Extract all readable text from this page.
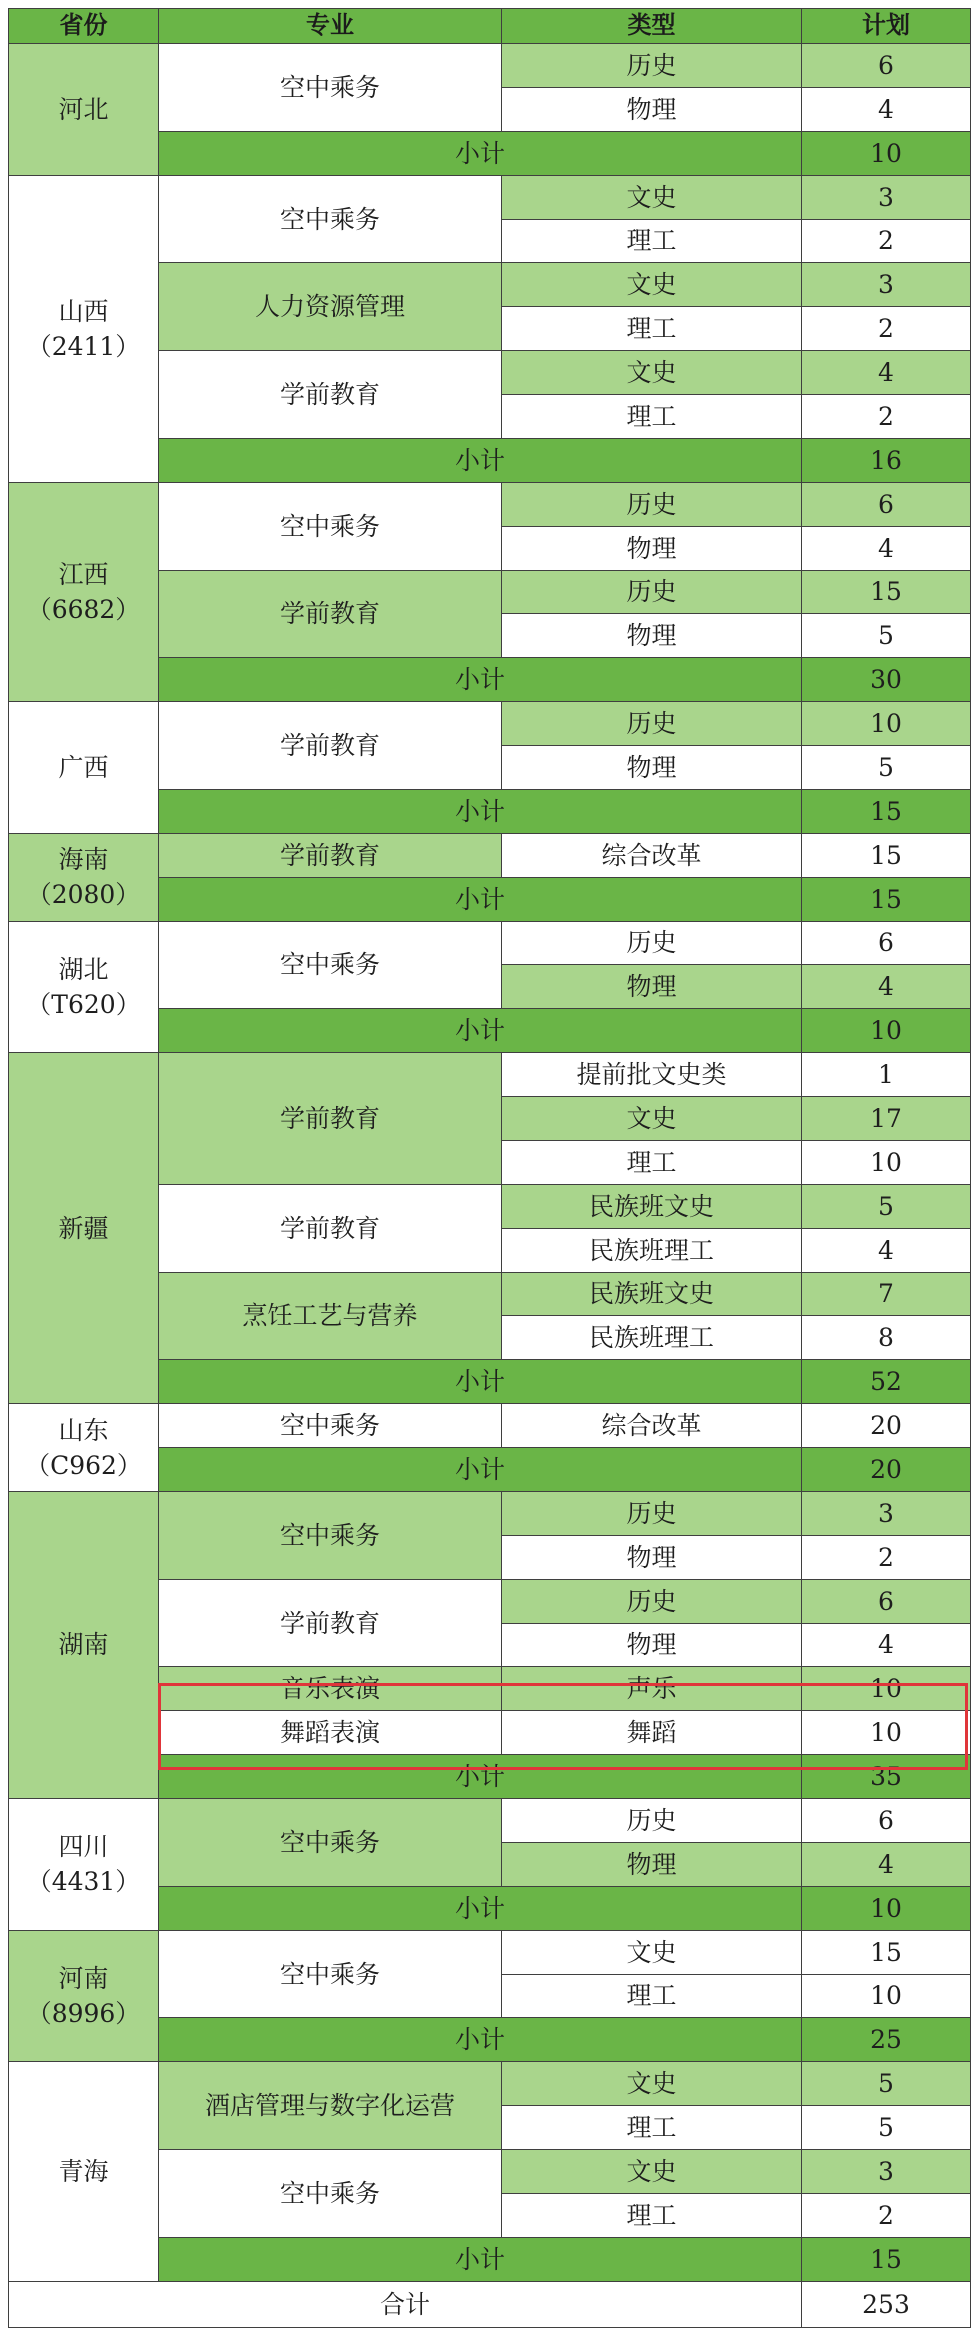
省份	专业	类型	计划
河北	空中乘务	历史	6
		物理	4
	小计		10
山西
（2411）	空中乘务	文史	3
		理工	2
	人力资源管理	文史	3
		理工	2
	学前教育	文史	4
		理工	2
	小计		16
江西
（6682）	空中乘务	历史	6
		物理	4
	学前教育	历史	15
		物理	5
	小计		30
广西	学前教育	历史	10
		物理	5
	小计		15
海南
（2080）	学前教育	综合改革	15
	小计		15
湖北
（T620）	空中乘务	历史	6
		物理	4
	小计		10
新疆	学前教育	提前批文史类	1
		文史	17
		理工	10
	学前教育	民族班文史	5
		民族班理工	4
	烹饪工艺与营养	民族班文史	7
		民族班理工	8
	小计		52
山东
（C962）	空中乘务	综合改革	20
	小计		20
湖南	空中乘务	历史	3
		物理	2
	学前教育	历史	6
		物理	4
	音乐表演	声乐	10
	舞蹈表演	舞蹈	10
	小计		35
四川
（4431）	空中乘务	历史	6
		物理	4
	小计		10
河南
（8996）	空中乘务	文史	15
		理工	10
	小计		25
青海	酒店管理与数字化运营	文史	5
		理工	5
	空中乘务	文史	3
		理工	2
	小计		15
合计			253
